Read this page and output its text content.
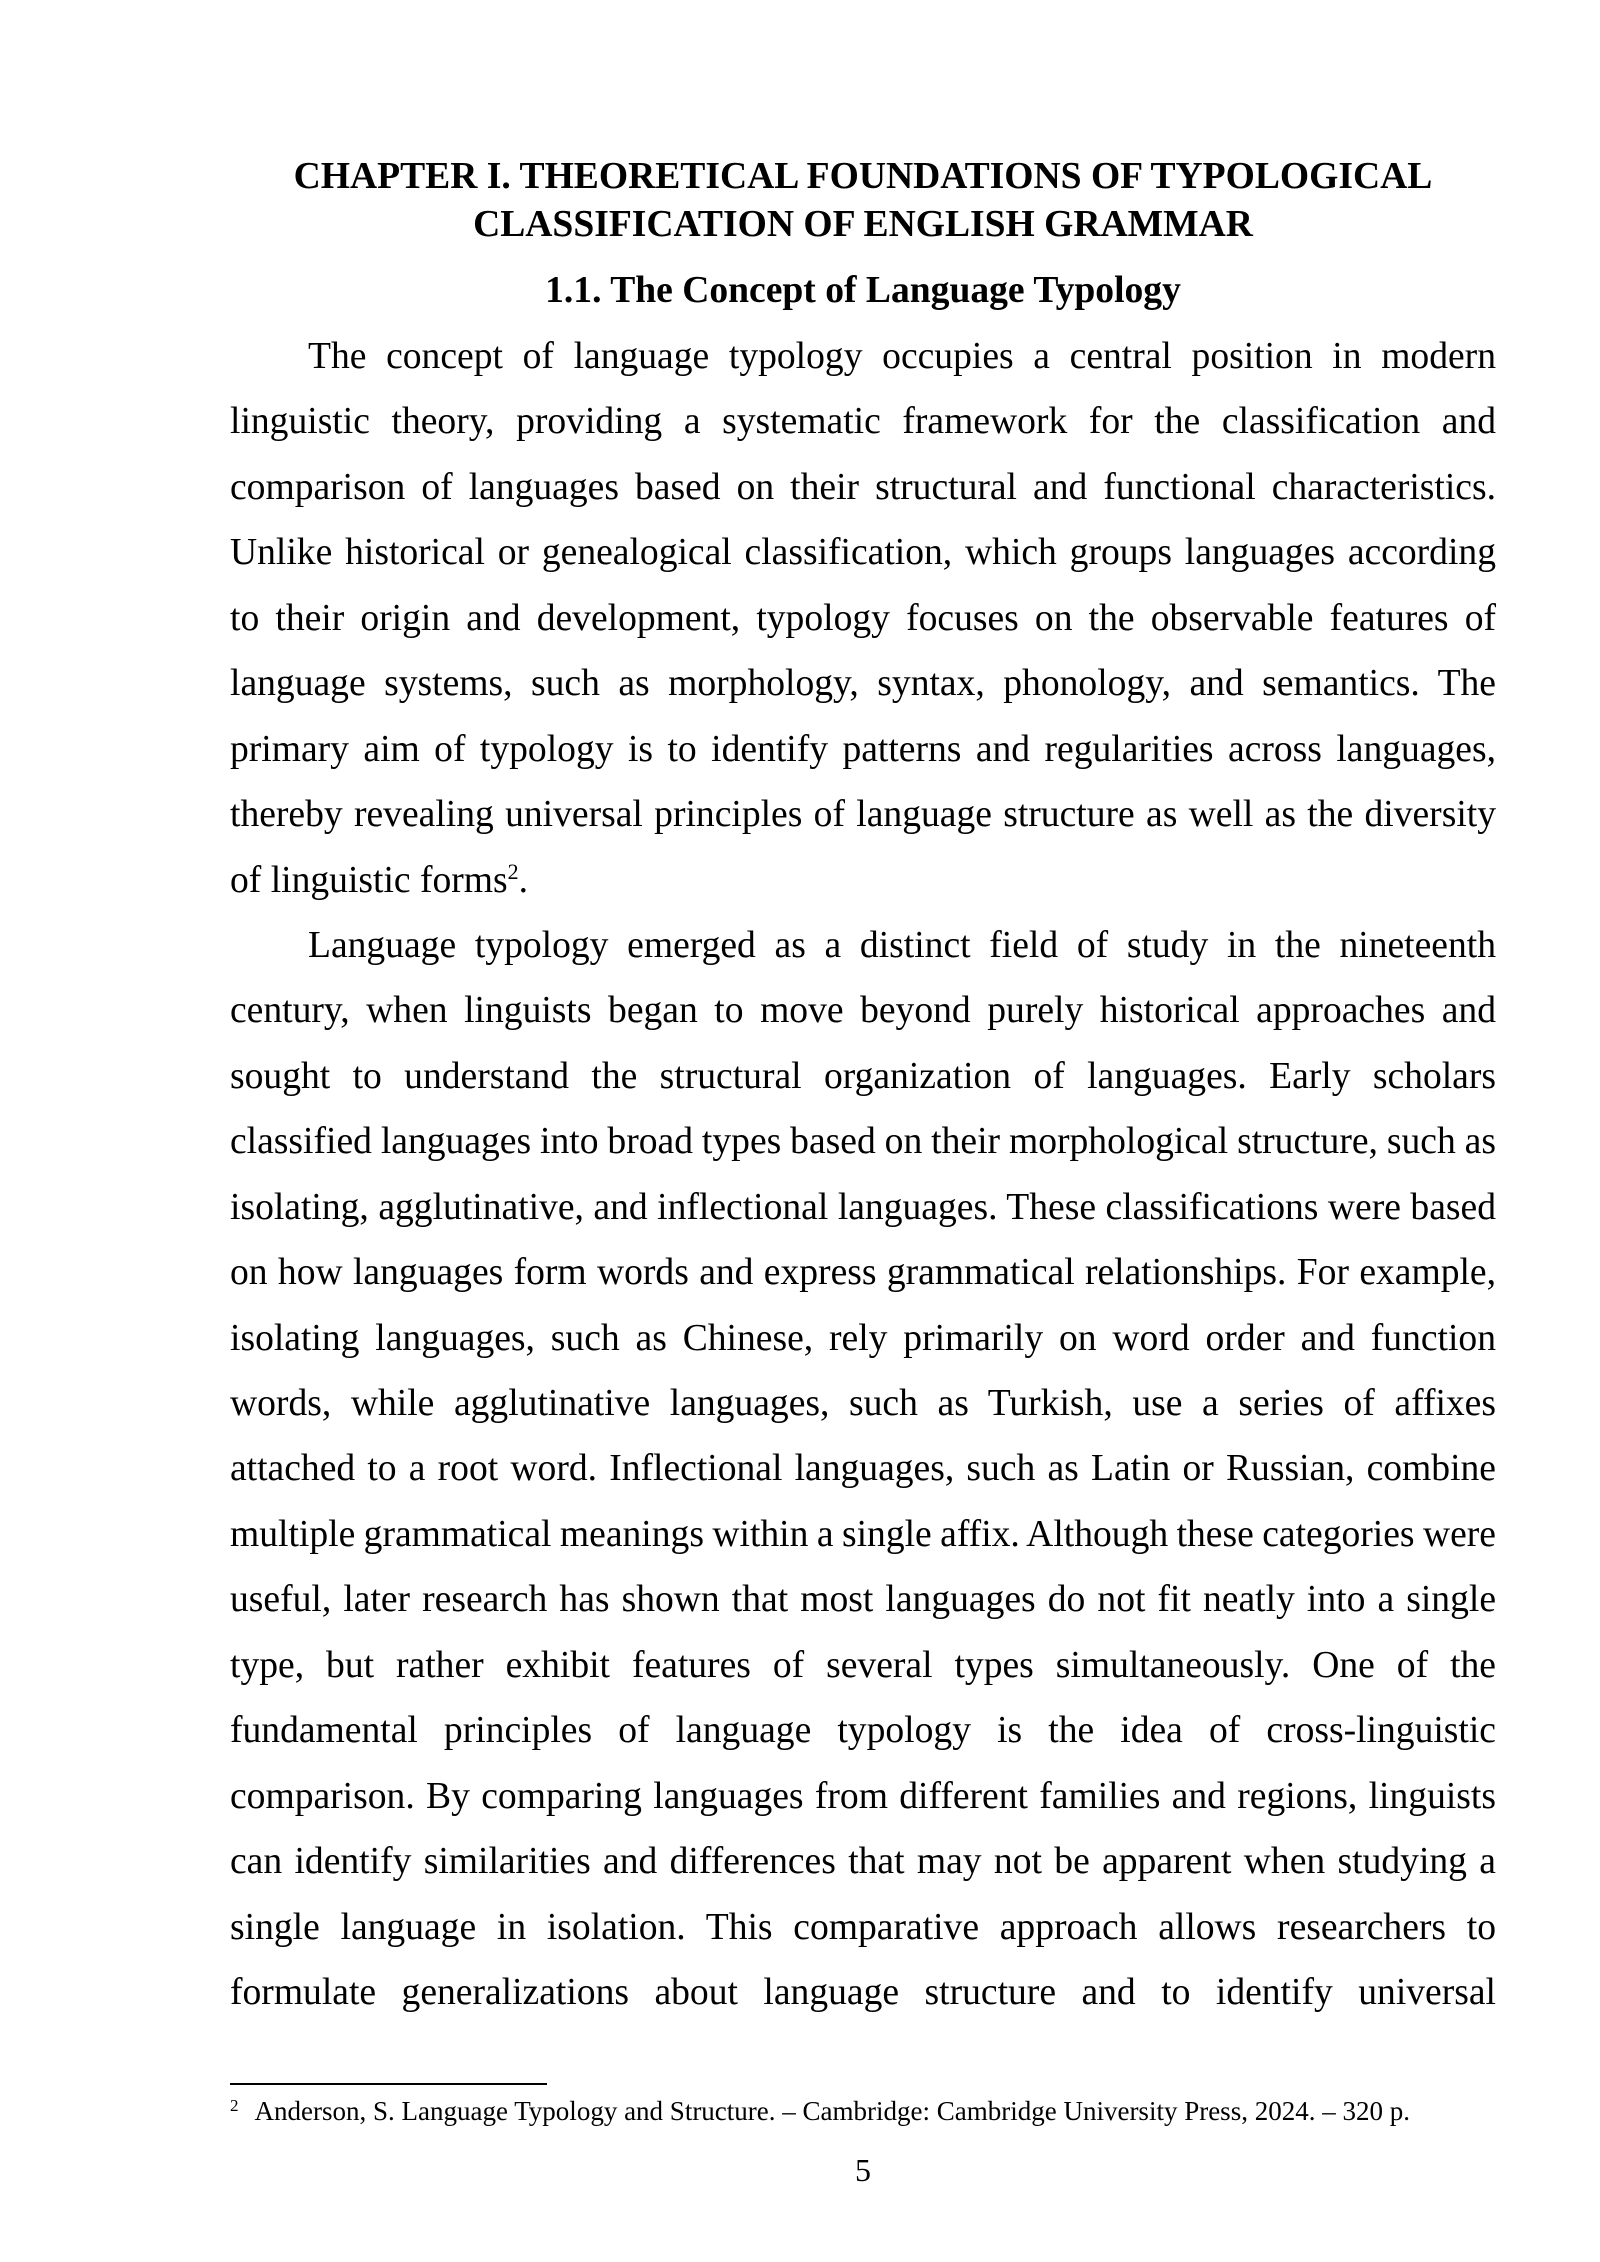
CHAPTER I. THEORETICAL FOUNDATIONS OF TYPOLOGICAL
CLASSIFICATION OF ENGLISH GRAMMAR
1.1. The Concept of Language Typology
The concept of language typology occupies a central position in modern
linguistic theory, providing a systematic framework for the classification and
comparison of languages based on their structural and functional characteristics.
Unlike historical or genealogical classification, which groups languages according
to their origin and development, typology focuses on the observable features of
language systems, such as morphology, syntax, phonology, and semantics. The
primary aim of typology is to identify patterns and regularities across languages,
thereby revealing universal principles of language structure as well as the diversity
of linguistic forms$^2$.
Language typology emerged as a distinct field of study in the nineteenth
century, when linguists began to move beyond purely historical approaches and
sought to understand the structural organization of languages. Early scholars
classified languages into broad types based on their morphological structure, such as
isolating, agglutinative, and inflectional languages. These classifications were based
on how languages form words and express grammatical relationships. For example,
isolating languages, such as Chinese, rely primarily on word order and function
words, while agglutinative languages, such as Turkish, use a series of affixes
attached to a root word. Inflectional languages, such as Latin or Russian, combine
multiple grammatical meanings within a single affix. Although these categories were
useful, later research has shown that most languages do not fit neatly into a single
type, but rather exhibit features of several types simultaneously. One of the
fundamental principles of language typology is the idea of cross-linguistic
comparison. By comparing languages from different families and regions, linguists
can identify similarities and differences that may not be apparent when studying a
single language in isolation. This comparative approach allows researchers to
formulate generalizations about language structure and to identify universal
2 Anderson, S. Language Typology and Structure. – Cambridge: Cambridge University Press, 2024. – 320 p.
5
